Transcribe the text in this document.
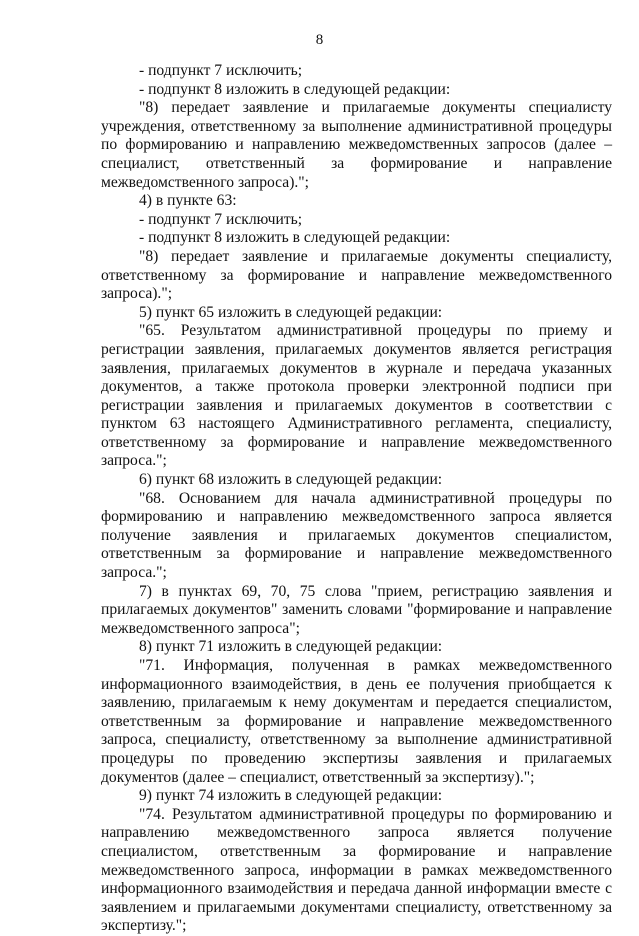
8

- подпункт 7 исключить;

- подпункт 8 изложить в следующей редакции:

"8) передает заявление и прилагаемые документы специалисту учреждения, ответственному за выполнение административной процедуры по формированию и направлению межведомственных запросов (далее – специалист, ответственный за формирование и направление межведомственного запроса).";

4) в пункте 63:

- подпункт 7 исключить;

- подпункт 8 изложить в следующей редакции:

"8) передает заявление и прилагаемые документы специалисту, ответственному за формирование и направление межведомственного запроса).";

5) пункт 65 изложить в следующей редакции:

"65. Результатом административной процедуры по приему и регистрации заявления, прилагаемых документов является регистрация заявления, прилагаемых документов в журнале и передача указанных документов, а также протокола проверки электронной подписи при регистрации заявления и прилагаемых документов в соответствии с пунктом 63 настоящего Административного регламента, специалисту, ответственному за формирование и направление межведомственного запроса.";

6) пункт 68 изложить в следующей редакции:

"68. Основанием для начала административной процедуры по формированию и направлению межведомственного запроса является получение заявления и прилагаемых документов специалистом, ответственным за формирование и направление межведомственного запроса.";

7) в пунктах 69, 70, 75 слова "прием, регистрацию заявления и прилагаемых документов" заменить словами "формирование и направление межведомственного запроса";

8) пункт 71 изложить в следующей редакции:

"71. Информация, полученная в рамках межведомственного информационного взаимодействия, в день ее получения приобщается к заявлению, прилагаемым к нему документам и передается специалистом, ответственным за формирование и направление межведомственного запроса, специалисту, ответственному за выполнение административной процедуры по проведению экспертизы заявления и прилагаемых документов (далее – специалист, ответственный за экспертизу).";

9) пункт 74 изложить в следующей редакции:

"74. Результатом административной процедуры по формированию и направлению межведомственного запроса является получение специалистом, ответственным за формирование и направление межведомственного запроса, информации в рамках межведомственного информационного взаимодействия и передача данной информации вместе с заявлением и прилагаемыми документами специалисту, ответственному за экспертизу.";
